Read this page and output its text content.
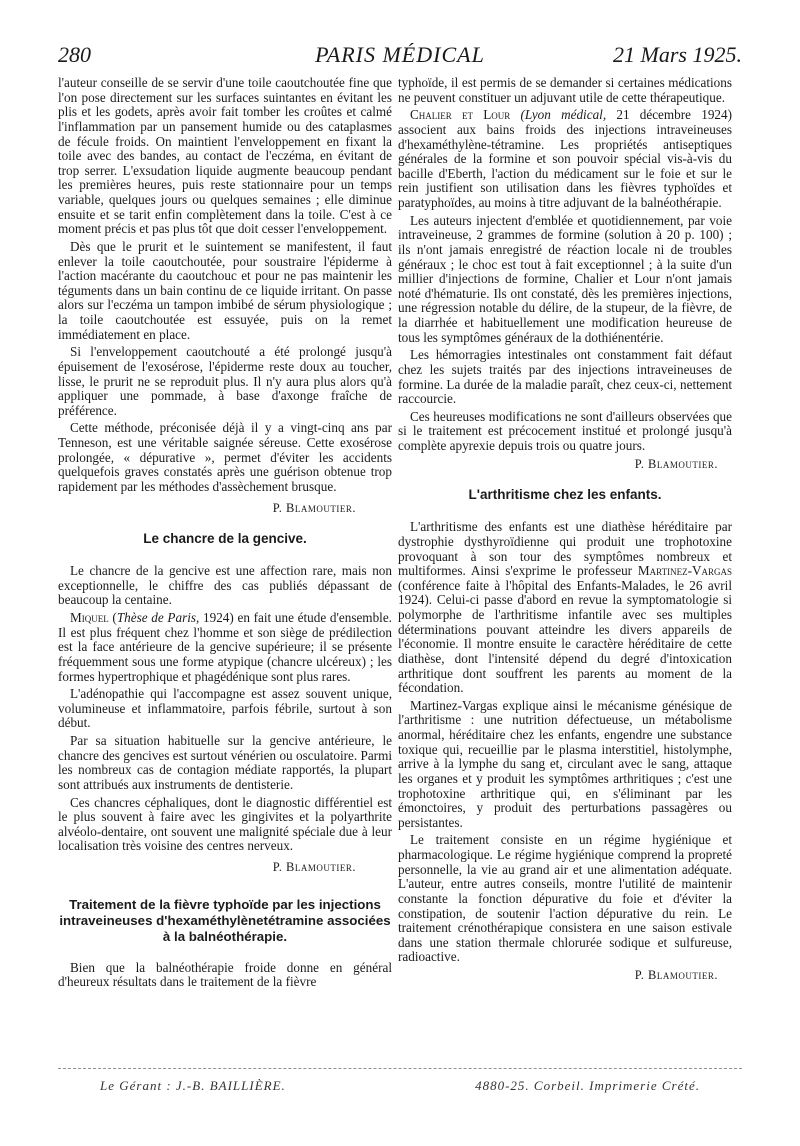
280	PARIS MÉDICAL	21 Mars 1925.

l'auteur conseille de se servir d'une toile caoutchoutée fine que l'on pose directement sur les surfaces suintantes en évitant les plis et les godets, après avoir fait tomber les croûtes et calmé l'inflammation par un pansement humide ou des cataplasmes de fécule froids. On maintient l'enveloppement en fixant la toile avec des bandes, au contact de l'eczéma, en évitant de trop serrer. L'exsudation liquide augmente beaucoup pendant les premières heures, puis reste stationnaire pour un temps variable, quelques jours ou quelques semaines ; elle diminue ensuite et se tarit enfin complètement dans la toile. C'est à ce moment précis et pas plus tôt que doit cesser l'enveloppement.

Dès que le prurit et le suintement se manifestent, il faut enlever la toile caoutchoutée, pour soustraire l'épiderme à l'action macérante du caoutchouc et pour ne pas maintenir les téguments dans un bain continu de ce liquide irritant. On passe alors sur l'eczéma un tampon imbibé de sérum physiologique ; la toile caoutchoutée est essuyée, puis on la remet immédiatement en place.

Si l'enveloppement caoutchouté a été prolongé jusqu'à épuisement de l'exosérose, l'épiderme reste doux au toucher, lisse, le prurit ne se reproduit plus. Il n'y aura plus alors qu'à appliquer une pommade, à base d'axonge fraîche de préférence.

Cette méthode, préconisée déjà il y a vingt-cinq ans par Tenneson, est une véritable saignée séreuse. Cette exosérose prolongée, « dépurative », permet d'éviter les accidents quelquefois graves constatés après une guérison obtenue trop rapidement par les méthodes d'assèchement brusque.

P. Blamoutier.
Le chancre de la gencive.

Le chancre de la gencive est une affection rare, mais non exceptionnelle, le chiffre des cas publiés dépassant de beaucoup la centaine.

Miquel (Thèse de Paris, 1924) en fait une étude d'ensemble. Il est plus fréquent chez l'homme et son siège de prédilection est la face antérieure de la gencive supérieure; il se présente fréquemment sous une forme atypique (chancre ulcéreux) ; les formes hypertrophique et phagédénique sont plus rares.

L'adénopathie qui l'accompagne est assez souvent unique, volumineuse et inflammatoire, parfois fébrile, surtout à son début.

Par sa situation habituelle sur la gencive antérieure, le chancre des gencives est surtout vénérien ou osculatoire. Parmi les nombreux cas de contagion médiate rapportés, la plupart sont attribués aux instruments de dentisterie.

Ces chancres céphaliques, dont le diagnostic différentiel est le plus souvent à faire avec les gingivites et la polyarthrite alvéolo-dentaire, ont souvent une malignité spéciale due à leur localisation très voisine des centres nerveux.

P. Blamoutier.
Traitement de la fièvre typhoïde par les injections intraveineuses d'hexaméthylènetétramine associées à la balnéothérapie.

Bien que la balnéothérapie froide donne en général d'heureux résultats dans le traitement de la fièvre

typhoïde, il est permis de se demander si certaines médications ne peuvent constituer un adjuvant utile de cette thérapeutique.

Chalier et Lour (Lyon médical, 21 décembre 1924) associent aux bains froids des injections intraveineuses d'hexaméthylène-tétramine. Les propriétés antiseptiques générales de la formine et son pouvoir spécial vis-à-vis du bacille d'Eberth, l'action du médicament sur le foie et sur le rein justifient son utilisation dans les fièvres typhoïdes et paratyphoïdes, au moins à titre adjuvant de la balnéothérapie.

Les auteurs injectent d'emblée et quotidiennement, par voie intraveineuse, 2 grammes de formine (solution à 20 p. 100) ; ils n'ont jamais enregistré de réaction locale ni de troubles généraux ; le choc est tout à fait exceptionnel ; à la suite d'un millier d'injections de formine, Chalier et Lour n'ont jamais noté d'hématurie. Ils ont constaté, dès les premières injections, une régression notable du délire, de la stupeur, de la fièvre, de la diarrhée et habituellement une modification heureuse de tous les symptômes généraux de la dothiénentérie.

Les hémorragies intestinales ont constamment fait défaut chez les sujets traités par des injections intraveineuses de formine. La durée de la maladie paraît, chez ceux-ci, nettement raccourcie.

Ces heureuses modifications ne sont d'ailleurs observées que si le traitement est précocement institué et prolongé jusqu'à complète apyrexie depuis trois ou quatre jours.

P. Blamoutier.
L'arthritisme chez les enfants.

L'arthritisme des enfants est une diathèse héréditaire par dystrophie dysthyroïdienne qui produit une trophotoxine provoquant à son tour des symptômes nombreux et multiformes. Ainsi s'exprime le professeur Martinez-Vargas (conférence faite à l'hôpital des Enfants-Malades, le 26 avril 1924). Celui-ci passe d'abord en revue la symptomatologie si polymorphe de l'arthritisme infantile avec ses multiples déterminations pouvant atteindre les divers appareils de l'économie. Il montre ensuite le caractère héréditaire de cette diathèse, dont l'intensité dépend du degré d'intoxication arthritique dont souffrent les parents au moment de la fécondation.

Martinez-Vargas explique ainsi le mécanisme génésique de l'arthritisme : une nutrition défectueuse, un métabolisme anormal, héréditaire chez les enfants, engendre une substance toxique qui, recueillie par le plasma interstitiel, histolymphe, arrive à la lymphe du sang et, circulant avec le sang, attaque les organes et y produit les symptômes arthritiques ; c'est une trophotoxine arthritique qui, en s'éliminant par les émonctoires, y produit des perturbations passagères ou persistantes.

Le traitement consiste en un régime hygiénique et pharmacologique. Le régime hygiénique comprend la propreté personnelle, la vie au grand air et une alimentation adéquate. L'auteur, entre autres conseils, montre l'utilité de maintenir constante la fonction dépurative du foie et d'éviter la constipation, de soutenir l'action dépurative du rein. Le traitement crénothérapique consistera en une saison estivale dans une station thermale chlorurée sodique et sulfureuse, radioactive.

P. Blamoutier.
Le Gérant : J.-B. BAILLIÈRE.	4880-25. Corbeil. Imprimerie Crété.
